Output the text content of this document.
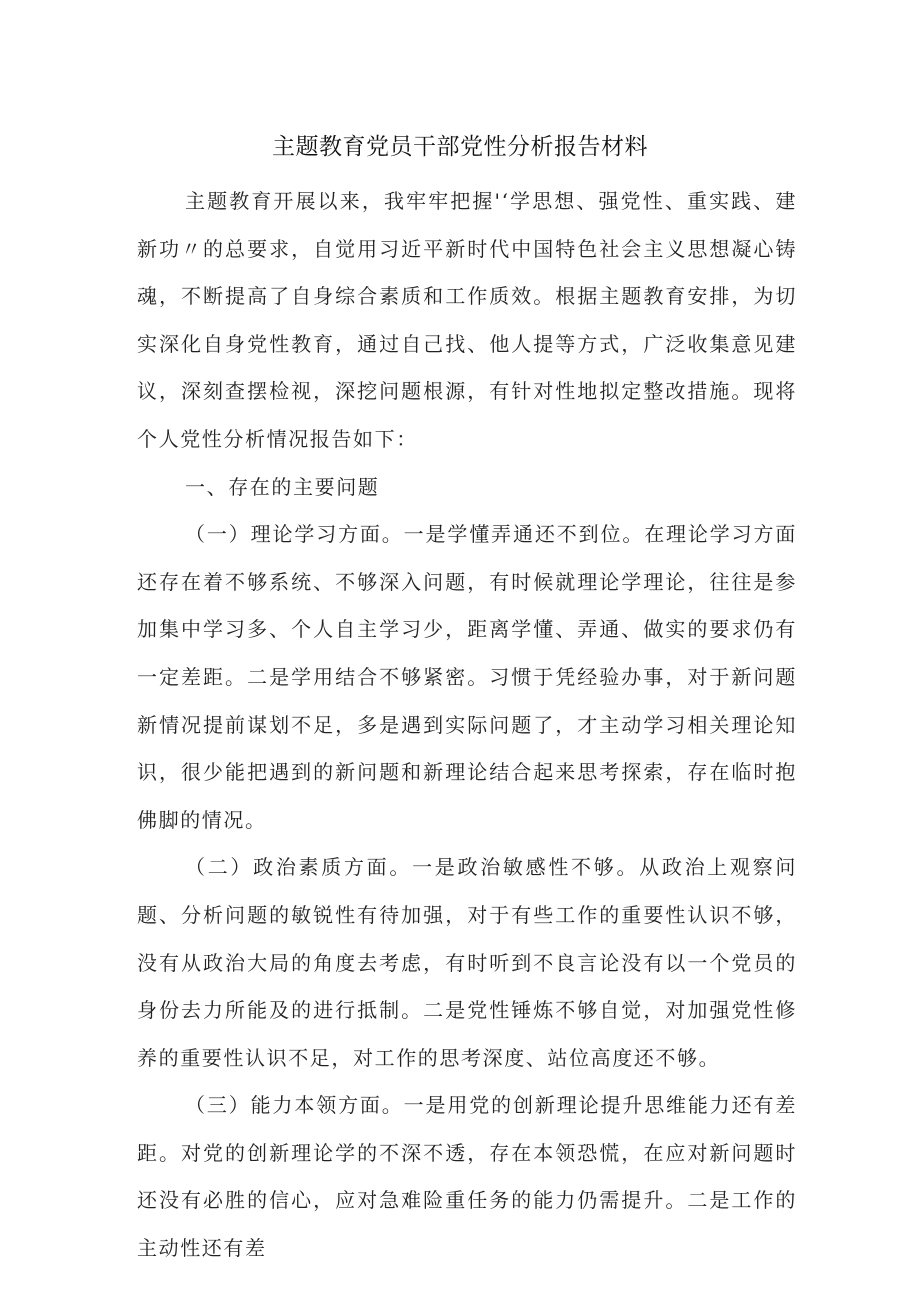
主题教育党员干部党性分析报告材料

主题教育开展以来，我牢牢把握'‘学思想、强党性、重实践、建新功〃的总要求，自觉用习近平新时代中国特色社会主义思想凝心铸魂，不断提高了自身综合素质和工作质效。根据主题教育安排，为切实深化自身党性教育，通过自己找、他人提等方式，广泛收集意见建议，深刻查摆检视，深挖问题根源，有针对性地拟定整改措施。现将个人党性分析情况报告如下：

一、存在的主要问题

（一）理论学习方面。一是学懂弄通还不到位。在理论学习方面还存在着不够系统、不够深入问题，有时候就理论学理论，往往是参加集中学习多、个人自主学习少，距离学懂、弄通、做实的要求仍有一定差距。二是学用结合不够紧密。习惯于凭经验办事，对于新问题新情况提前谋划不足，多是遇到实际问题了，才主动学习相关理论知识，很少能把遇到的新问题和新理论结合起来思考探索，存在临时抱佛脚的情况。

（二）政治素质方面。一是政治敏感性不够。从政治上观察问题、分析问题的敏锐性有待加强，对于有些工作的重要性认识不够，没有从政治大局的角度去考虑，有时听到不良言论没有以一个党员的身份去力所能及的进行抵制。二是党性锤炼不够自觉，对加强党性修养的重要性认识不足，对工作的思考深度、站位高度还不够。

（三）能力本领方面。一是用党的创新理论提升思维能力还有差距。对党的创新理论学的不深不透，存在本领恐慌，在应对新问题时还没有必胜的信心，应对急难险重任务的能力仍需提升。二是工作的主动性还有差
